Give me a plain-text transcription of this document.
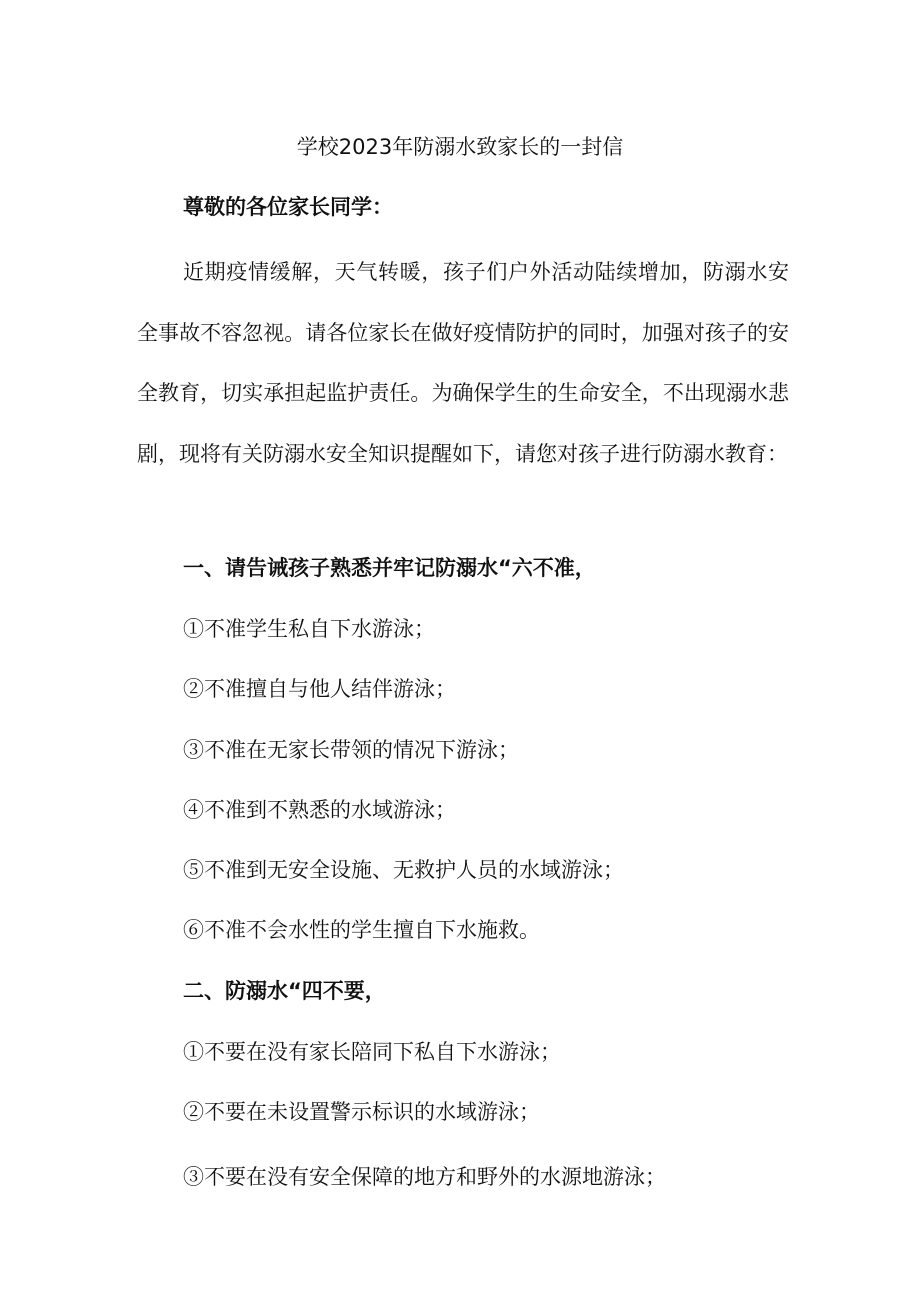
学校2023年防溺水致家长的一封信
尊敬的各位家长同学：

近期疫情缓解，天气转暖，孩子们户外活动陆续增加，防溺水安全事故不容忽视。请各位家长在做好疫情防护的同时，加强对孩子的安全教育，切实承担起监护责任。为确保学生的生命安全，不出现溺水悲剧，现将有关防溺水安全知识提醒如下，请您对孩子进行防溺水教育：

一、请告诫孩子熟悉并牢记防溺水“六不准，
①不准学生私自下水游泳；
②不准擅自与他人结伴游泳；
③不准在无家长带领的情况下游泳；
④不准到不熟悉的水域游泳；
⑤不准到无安全设施、无救护人员的水域游泳；
⑥不准不会水性的学生擅自下水施救。
二、防溺水“四不要，
①不要在没有家长陪同下私自下水游泳；
②不要在未设置警示标识的水域游泳；
③不要在没有安全保障的地方和野外的水源地游泳；
